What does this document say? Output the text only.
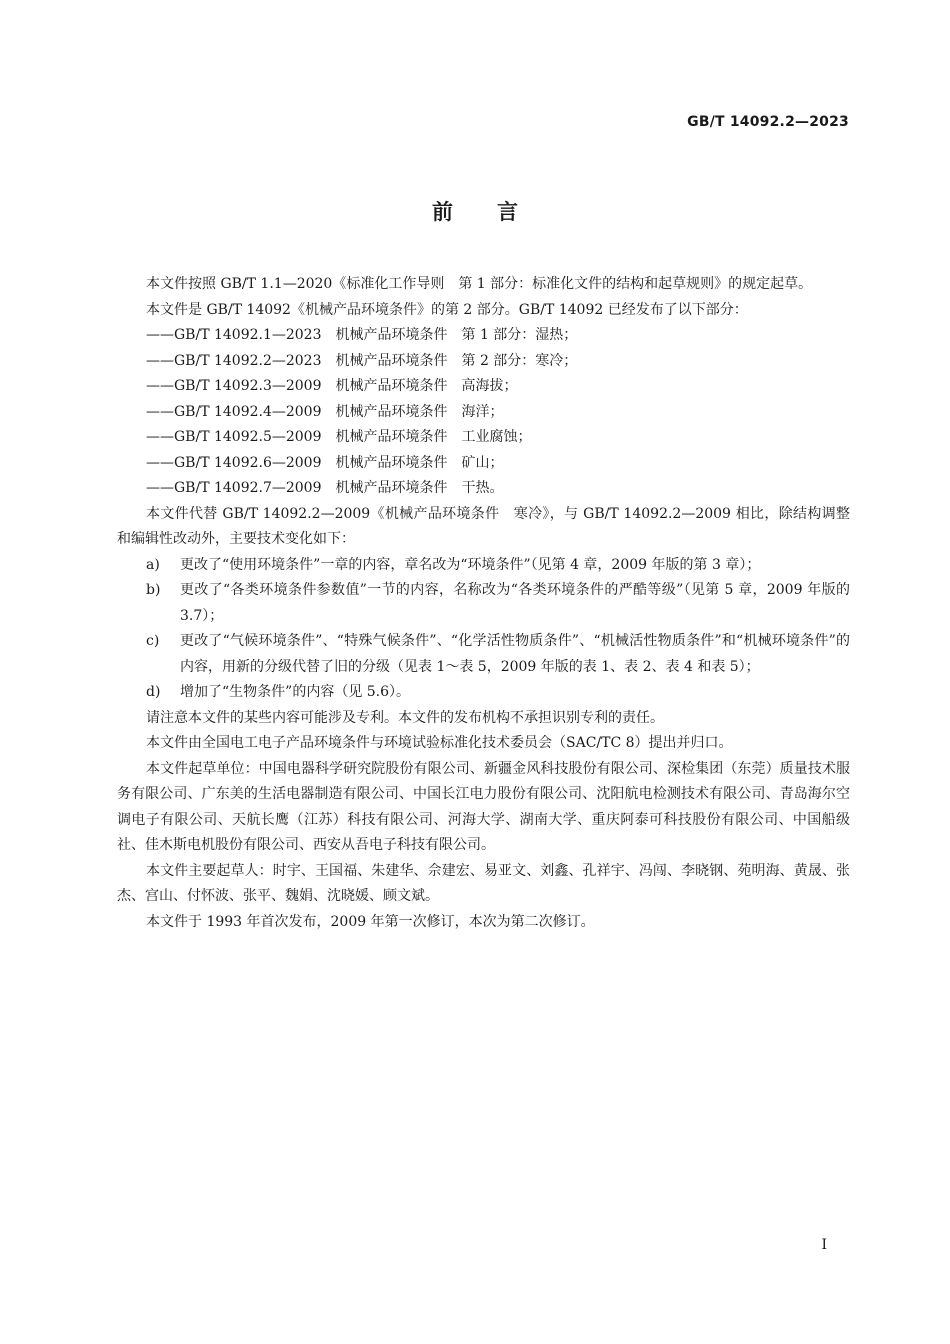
GB/T 14092.2—2023
前言

本文件按照 GB/T 1.1—2020《标准化工作导则　第 1 部分：标准化文件的结构和起草规则》的规定起草。

本文件是 GB/T 14092《机械产品环境条件》的第 2 部分。GB/T 14092 已经发布了以下部分：

——GB/T 14092.1—2023　机械产品环境条件　第 1 部分：湿热；

——GB/T 14092.2—2023　机械产品环境条件　第 2 部分：寒冷；

——GB/T 14092.3—2009　机械产品环境条件　高海拔；

——GB/T 14092.4—2009　机械产品环境条件　海洋；

——GB/T 14092.5—2009　机械产品环境条件　工业腐蚀；

——GB/T 14092.6—2009　机械产品环境条件　矿山；

——GB/T 14092.7—2009　机械产品环境条件　干热。

本文件代替 GB/T 14092.2—2009《机械产品环境条件　寒冷》，与 GB/T 14092.2—2009 相比，除结构调整和编辑性改动外，主要技术变化如下：

a)	更改了“使用环境条件”一章的内容，章名改为“环境条件”（见第 4 章，2009 年版的第 3 章）；
b)	更改了“各类环境条件参数值”一节的内容，名称改为“各类环境条件的严酷等级”（见第 5 章，2009 年版的 3.7）；
c)	更改了“气候环境条件”、“特殊气候条件”、“化学活性物质条件”、“机械活性物质条件”和“机械环境条件”的内容，用新的分级代替了旧的分级（见表 1～表 5，2009 年版的表 1、表 2、表 4 和表 5）；
d)	增加了“生物条件”的内容（见 5.6）。

请注意本文件的某些内容可能涉及专利。本文件的发布机构不承担识别专利的责任。

本文件由全国电工电子产品环境条件与环境试验标准化技术委员会（SAC/TC 8）提出并归口。

本文件起草单位：中国电器科学研究院股份有限公司、新疆金风科技股份有限公司、深检集团（东莞）质量技术服务有限公司、广东美的生活电器制造有限公司、中国长江电力股份有限公司、沈阳航电检测技术有限公司、青岛海尔空调电子有限公司、天航长鹰（江苏）科技有限公司、河海大学、湖南大学、重庆阿泰可科技股份有限公司、中国船级社、佳木斯电机股份有限公司、西安从吾电子科技有限公司。

本文件主要起草人：时宇、王国福、朱建华、佘建宏、易亚文、刘鑫、孔祥宇、冯闯、李晓钢、苑明海、黄晟、张杰、宫山、付怀波、张平、魏娟、沈晓媛、顾文斌。

本文件于 1993 年首次发布，2009 年第一次修订，本次为第二次修订。

I
